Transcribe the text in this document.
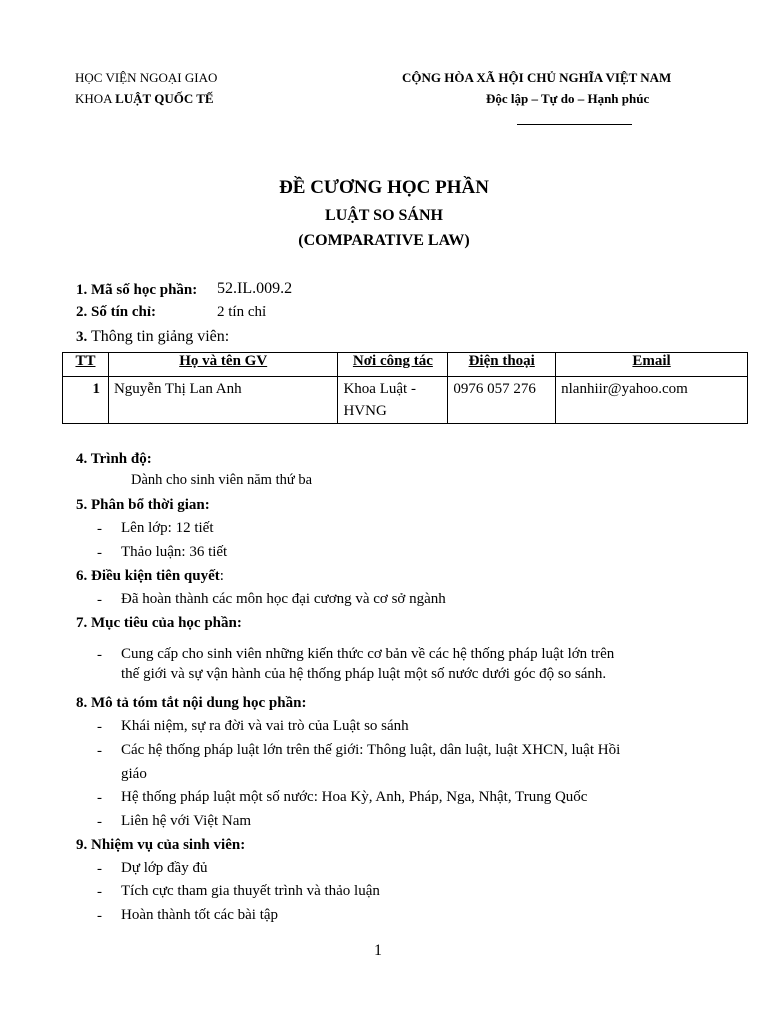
HỌC VIỆN NGOẠI GIAO
KHOA LUẬT QUỐC TẾ
CỘNG HÒA XÃ HỘI CHỦ NGHĨA VIỆT NAM
Độc lập – Tự do – Hạnh phúc
ĐỀ CƯƠNG HỌC PHẦN
LUẬT SO SÁNH
(COMPARATIVE LAW)
1. Mã số học phần: 52.IL.009.2
2. Số tín chỉ:	2 tín chỉ
3. Thông tin giảng viên:
TT	Họ và tên GV	Nơi công tác	Điện thoại	Email
1	Nguyễn Thị Lan Anh	Khoa Luật - HVNG	0976 057 276	nlanhiir@yahoo.com
4. Trình độ:
Dành cho sinh viên năm thứ ba
5. Phân bổ thời gian:
- Lên lớp: 12 tiết
- Thảo luận: 36 tiết
6. Điều kiện tiên quyết:
- Đã hoàn thành các môn học đại cương và cơ sở ngành
7. Mục tiêu của học phần:
- Cung cấp cho sinh viên những kiến thức cơ bản về các hệ thống pháp luật lớn trên
thế giới và sự vận hành của hệ thống pháp luật một số nước dưới góc độ so sánh.
8. Mô tả tóm tắt nội dung học phần:
- Khái niệm, sự ra đời và vai trò của Luật so sánh
- Các hệ thống pháp luật lớn trên thế giới: Thông luật, dân luật, luật XHCN, luật Hồi
giáo
- Hệ thống pháp luật một số nước: Hoa Kỳ, Anh, Pháp, Nga, Nhật, Trung Quốc
- Liên hệ với Việt Nam
9. Nhiệm vụ của sinh viên:
- Dự lớp đầy đủ
- Tích cực tham gia thuyết trình và thảo luận
- Hoàn thành tốt các bài tập
1
